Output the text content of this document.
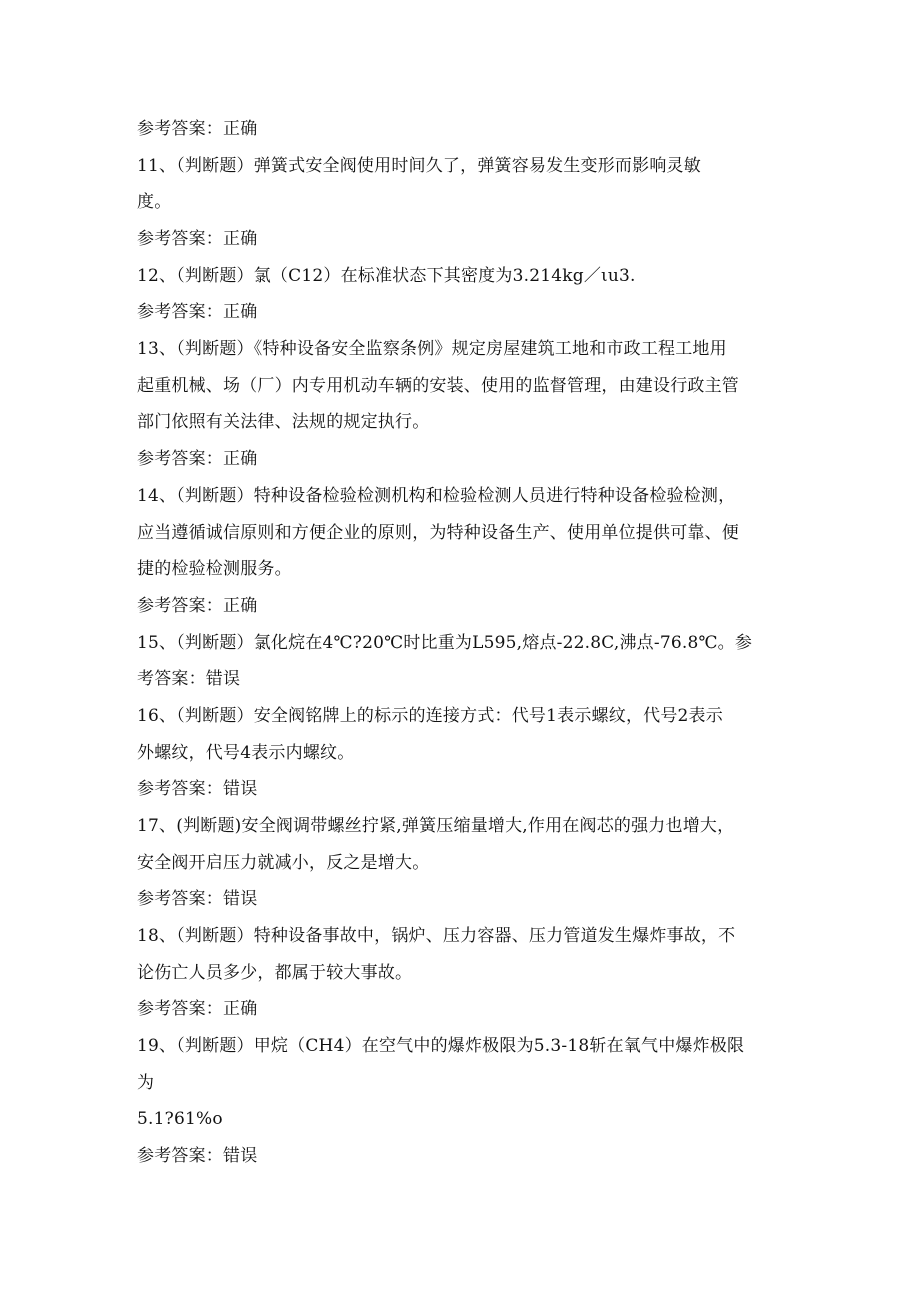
参考答案：正确
11、（判断题）弹簧式安全阀使用时间久了，弹簧容易发生变形而影响灵敏
度。
参考答案：正确
12、（判断题）氯（C12）在标准状态下其密度为3.214kg／ιu3.
参考答案：正确
13、（判断题）《特种设备安全监察条例》规定房屋建筑工地和市政工程工地用
起重机械、场（厂）内专用机动车辆的安装、使用的监督管理，由建设行政主管
部门依照有关法律、法规的规定执行。
参考答案：正确
14、（判断题）特种设备检验检测机构和检验检测人员进行特种设备检验检测，
应当遵循诚信原则和方便企业的原则，为特种设备生产、使用单位提供可靠、便
捷的检验检测服务。
参考答案：正确
15、（判断题）氯化烷在4℃?20℃时比重为L595,熔点-22.8C,沸点-76.8℃。参
考答案：错误
16、（判断题）安全阀铭牌上的标示的连接方式：代号1表示螺纹，代号2表示
外螺纹，代号4表示内螺纹。
参考答案：错误
17、(判断题)安全阀调带螺丝拧紧,弹簧压缩量增大,作用在阀芯的强力也增大，
安全阀开启压力就减小，反之是增大。
参考答案：错误
18、（判断题）特种设备事故中，锅炉、压力容器、压力管道发生爆炸事故，不
论伤亡人员多少，都属于较大事故。
参考答案：正确
19、（判断题）甲烷（CH4）在空气中的爆炸极限为5.3-18斩在氧气中爆炸极限
为
5.1?61%o
参考答案：错误
